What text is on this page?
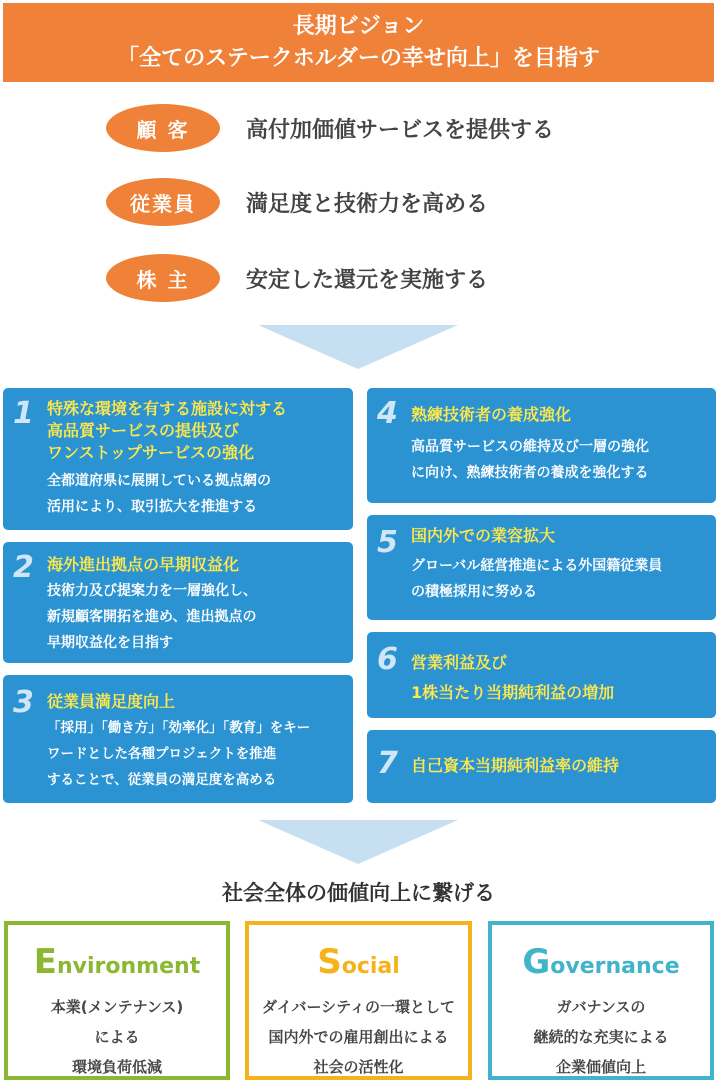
長期ビジョン
「全てのステークホルダーの幸せ向上」を目指す
顧 客	高付加価値サービスを提供する
従業員	満足度と技術力を高める
株 主	安定した還元を実施する
1 特殊な環境を有する施設に対する
高品質サービスの提供及び
ワンストップサービスの強化
全都道府県に展開している拠点網の
活用により、取引拡大を推進する
2 海外進出拠点の早期収益化
技術力及び提案力を一層強化し、
新規顧客開拓を進め、進出拠点の
早期収益化を目指す
3 従業員満足度向上
「採用」「働き方」「効率化」「教育」をキー
ワードとした各種プロジェクトを推進
することで、従業員の満足度を高める
4 熟練技術者の養成強化
高品質サービスの維持及び一層の強化
に向け、熟練技術者の養成を強化する
5 国内外での業容拡大
グローバル経営推進による外国籍従業員
の積極採用に努める
6 営業利益及び
1株当たり当期純利益の増加
7 自己資本当期純利益率の維持
社会全体の価値向上に繋げる
Environment
本業(メンテナンス)
による
環境負荷低減
Social
ダイバーシティの一環として
国内外での雇用創出による
社会の活性化
Governance
ガバナンスの
継続的な充実による
企業価値向上
